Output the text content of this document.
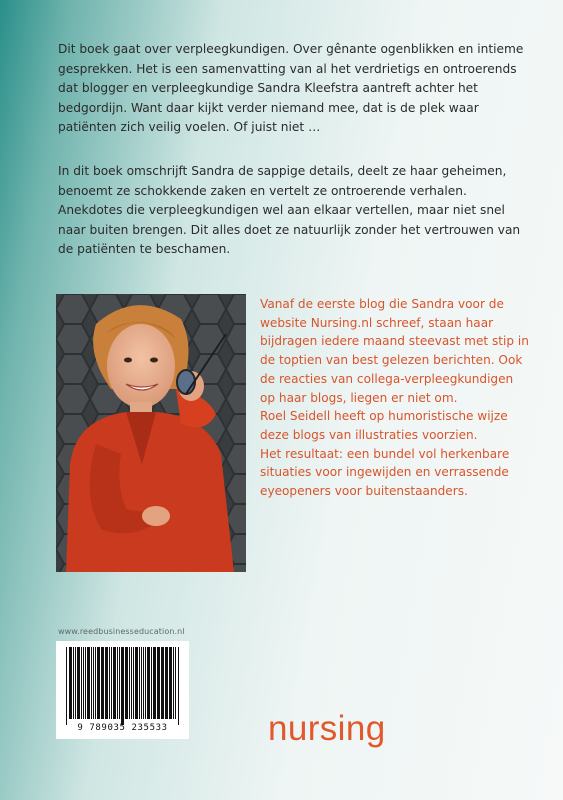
Dit boek gaat over verpleegkundigen. Over gênante ogenblikken en intieme gesprekken. Het is een samenvatting van al het verdrietigs en ontroerends dat blogger en verpleegkundige Sandra Kleefstra aantreft achter het bedgordijn. Want daar kijkt verder niemand mee, dat is de plek waar patiënten zich veilig voelen. Of juist niet …

In dit boek omschrijft Sandra de sappige details, deelt ze haar geheimen, benoemt ze schokkende zaken en vertelt ze ontroerende verhalen. Anekdotes die verpleegkundigen wel aan elkaar vertellen, maar niet snel naar buiten brengen. Dit alles doet ze natuurlijk zonder het vertrouwen van de patiënten te beschamen.

Vanaf de eerste blog die Sandra voor de website Nursing.nl schreef, staan haar bijdragen iedere maand steevast met stip in de toptien van best gelezen berichten. Ook de reacties van collega-verpleegkundigen op haar blogs, liegen er niet om.
Roel Seidell heeft op humoristische wijze deze blogs van illustraties voorzien.
Het resultaat: een bundel vol herkenbare situaties voor ingewijden en verrassende eyeopeners voor buitenstaanders.
www.reedbusinesseducation.nl
9 789035 235533	nursing
